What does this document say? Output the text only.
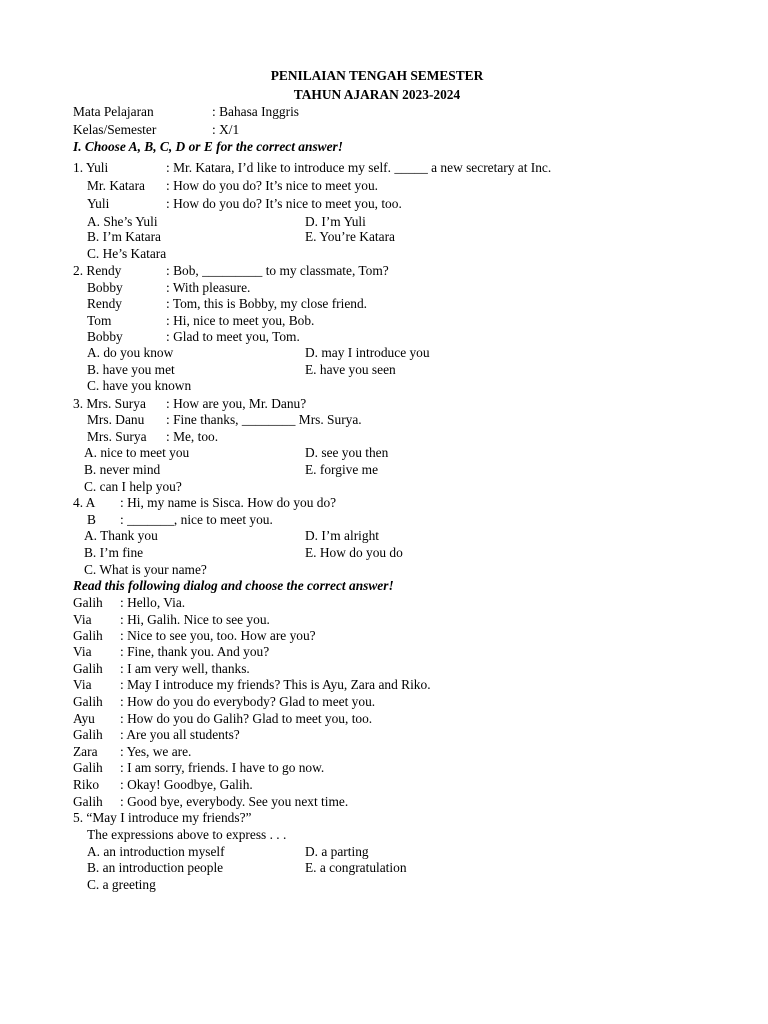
PENILAIAN TENGAH SEMESTER
TAHUN AJARAN 2023-2024
Mata Pelajaran	: Bahasa Inggris
Kelas/Semester	: X/1
I. Choose A, B, C, D or E for the correct answer!
1. Yuli	: Mr. Katara, I’d like to introduce my self. _____ a new secretary at Inc.
Mr. Katara : How do you do? It’s nice to meet you.
Yuli	: How do you do? It’s nice to meet you, too.
A. She’s Yuli	D. I’m Yuli
B. I’m Katara	E. You’re Katara
C. He’s Katara
2. Rendy	: Bob, _________ to my classmate, Tom?
Bobby	: With pleasure.
Rendy	: Tom, this is Bobby, my close friend.
Tom	: Hi, nice to meet you, Bob.
Bobby	: Glad to meet you, Tom.
A. do you know	D. may I introduce you
B. have you met	E. have you seen
C. have you known
3. Mrs. Surya : How are you, Mr. Danu?
Mrs. Danu : Fine thanks, ________ Mrs. Surya.
Mrs. Surya : Me, too.
A. nice to meet you	D. see you then
B. never mind	E. forgive me
C. can I help you?
4. A : Hi, my name is Sisca. How do you do?
B : _______, nice to meet you.
A. Thank you	D. I’m alright
B. I’m fine	E. How do you do
C. What is your name?
Read this following dialog and choose the correct answer!
Galih : Hello, Via.
Via : Hi, Galih. Nice to see you.
Galih : Nice to see you, too. How are you?
Via : Fine, thank you. And you?
Galih : I am very well, thanks.
Via : May I introduce my friends? This is Ayu, Zara and Riko.
Galih : How do you do everybody? Glad to meet you.
Ayu : How do you do Galih? Glad to meet you, too.
Galih : Are you all students?
Zara : Yes, we are.
Galih : I am sorry, friends. I have to go now.
Riko : Okay! Goodbye, Galih.
Galih : Good bye, everybody. See you next time.
5. “May I introduce my friends?”
The expressions above to express . . .
A. an introduction myself	D. a parting
B. an introduction people	E. a congratulation
C. a greeting
